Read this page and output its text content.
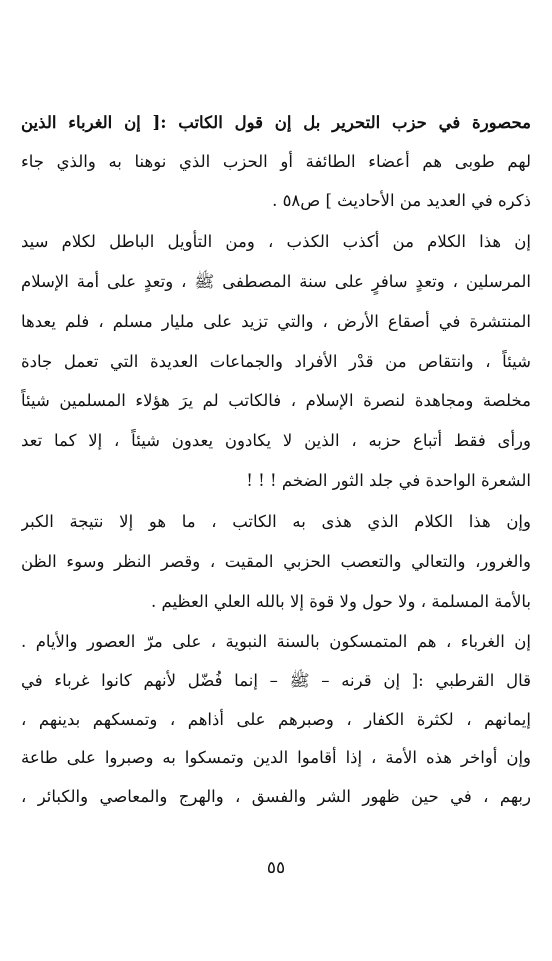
محصورة في حزب التحرير بل إن قول الكاتب :[ إن الغرباء الذين
لهم طوبى هم أعضاء الطائفة أو الحزب الذي نوهنا به والذي جاء
ذكره في العديد من الأحاديث ] ص٥٨ .
إن هذا الكلام من أكذب الكذب ، ومن التأويل الباطل لكلام سيد
المرسلين ، وتعدٍ سافرٍ على سنة المصطفى ﷺ ، وتعدٍ على أمة الإسلام
المنتشرة في أصقاع الأرض ، والتي تزيد على مليار مسلم ، فلم يعدها
شيئاً ، وانتقاص من قدْر الأفراد والجماعات العديدة التي تعمل جادة
مخلصة ومجاهدة لنصرة الإسلام ، فالكاتب لم يرَ هؤلاء المسلمين شيئاً
ورأى فقط أتباع حزبه ، الذين لا يكادون يعدون شيئاً ، إلا كما تعد
الشعرة الواحدة في جلد الثور الضخم ! ! !
وإن هذا الكلام الذي هذى به الكاتب ، ما هو إلا نتيجة الكبر
والغرور، والتعالي والتعصب الحزبي المقيت ، وقصر النظر وسوء الظن
بالأمة المسلمة ، ولا حول ولا قوة إلا بالله العلي العظيم .
إن الغرباء ، هم المتمسكون بالسنة النبوية ، على مرّ العصور والأيام .
قال القرطبي :[ إن قرنه – ﷺ – إنما فُضّل لأنهم كانوا غرباء في
إيمانهم ، لكثرة الكفار ، وصبرهم على أذاهم ، وتمسكهم بدينهم ،
وإن أواخر هذه الأمة ، إذا أقاموا الدين وتمسكوا به وصبروا على طاعة
ربهم ، في حين ظهور الشر والفسق ، والهرج والمعاصي والكبائر ،
٥٥
